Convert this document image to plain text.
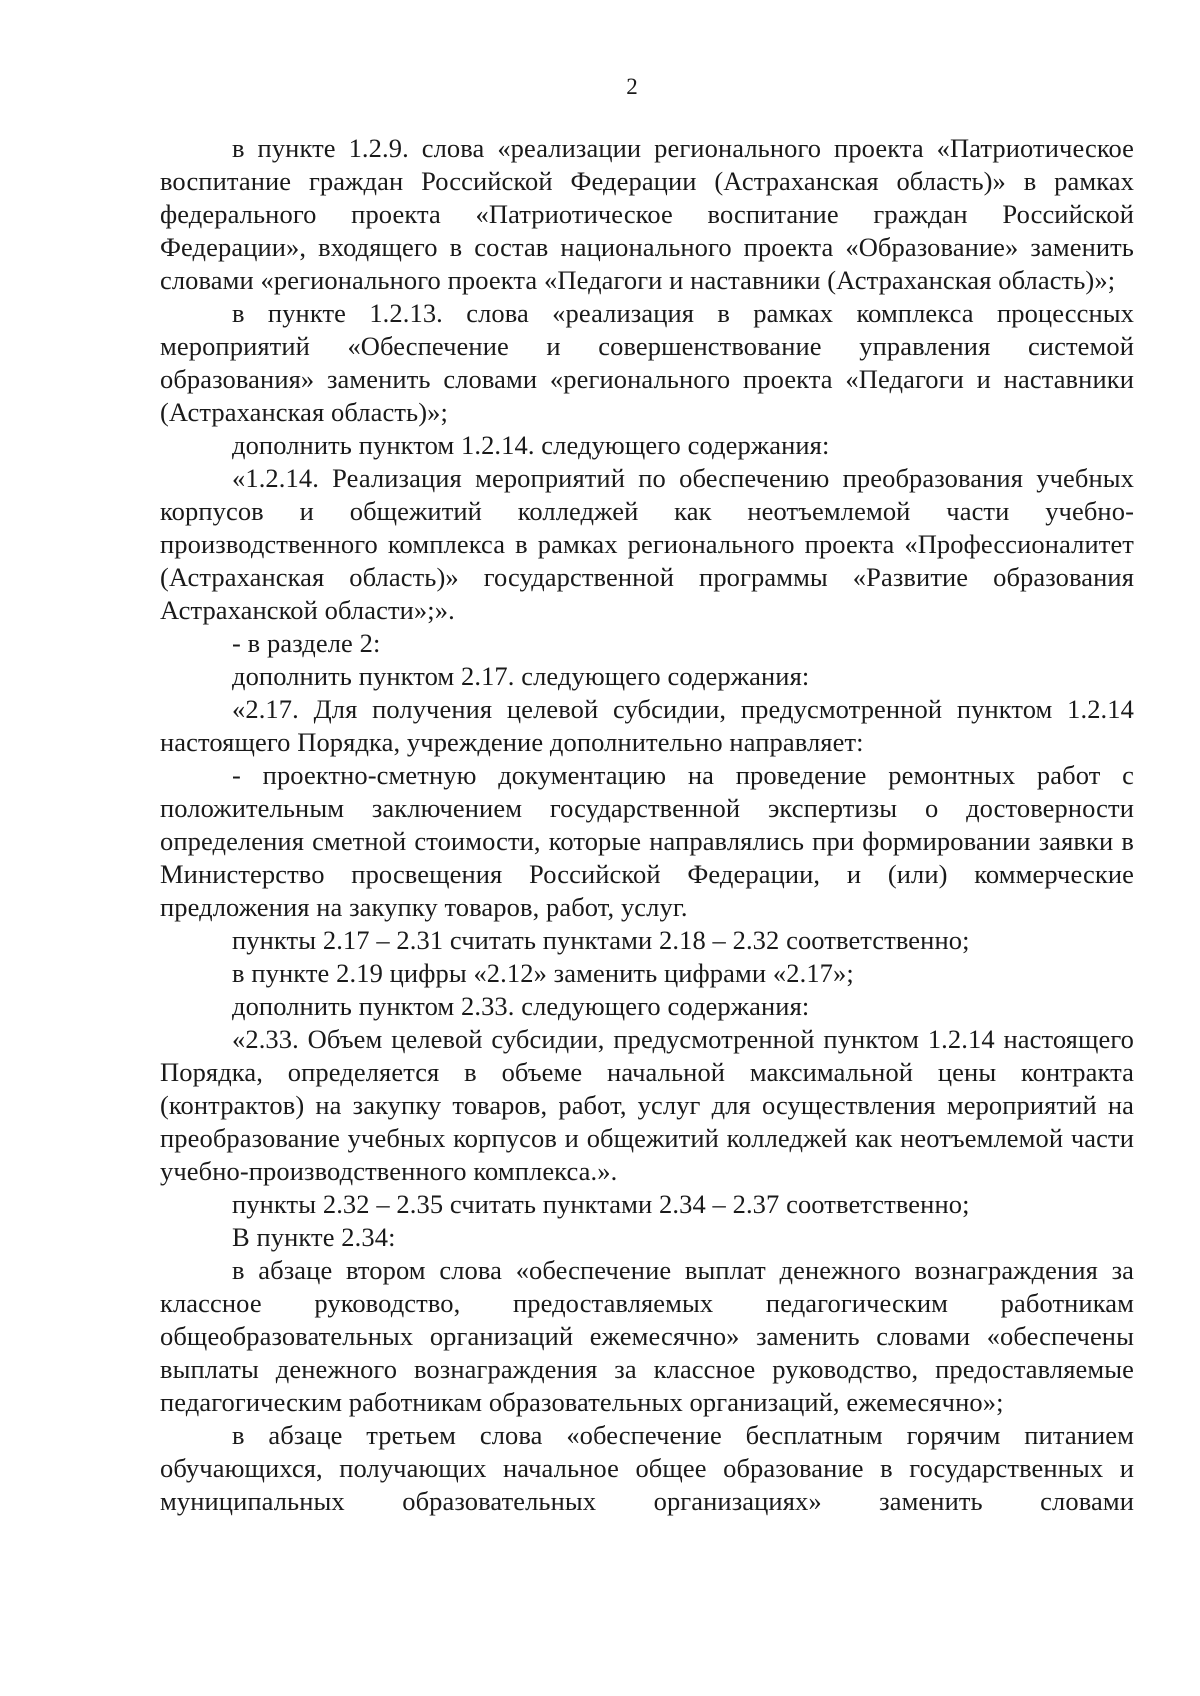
2

в пункте 1.2.9. слова «реализации регионального проекта «Патриотическое воспитание граждан Российской Федерации (Астраханская область)» в рамках федерального проекта «Патриотическое воспитание граждан Российской Федерации», входящего в состав национального проекта «Образование» заменить словами «регионального проекта «Педагоги и наставники (Астраханская область)»;

в пункте 1.2.13. слова «реализация в рамках комплекса процессных мероприятий «Обеспечение и совершенствование управления системой образования» заменить словами «регионального проекта «Педагоги и наставники (Астраханская область)»;

дополнить пунктом 1.2.14. следующего содержания:

«1.2.14. Реализация мероприятий по обеспечению преобразования учебных корпусов и общежитий колледжей как неотъемлемой части учебно-производственного комплекса в рамках регионального проекта «Профессионалитет (Астраханская область)» государственной программы «Развитие образования Астраханской области»;».

- в разделе 2:

дополнить пунктом 2.17. следующего содержания:

«2.17. Для получения целевой субсидии, предусмотренной пунктом 1.2.14 настоящего Порядка, учреждение дополнительно направляет:

- проектно-сметную документацию на проведение ремонтных работ с положительным заключением государственной экспертизы о достоверности определения сметной стоимости, которые направлялись при формировании заявки в Министерство просвещения Российской Федерации, и (или) коммерческие предложения на закупку товаров, работ, услуг.

пункты 2.17 – 2.31 считать пунктами 2.18 – 2.32 соответственно;

в пункте 2.19 цифры «2.12» заменить цифрами «2.17»;

дополнить пунктом 2.33. следующего содержания:

«2.33. Объем целевой субсидии, предусмотренной пунктом 1.2.14 настоящего Порядка, определяется в объеме начальной максимальной цены контракта (контрактов) на закупку товаров, работ, услуг для осуществления мероприятий на преобразование учебных корпусов и общежитий колледжей как неотъемлемой части учебно-производственного комплекса.».

пункты 2.32 – 2.35 считать пунктами 2.34 – 2.37 соответственно;

В пункте 2.34:

в абзаце втором слова «обеспечение выплат денежного вознаграждения за классное руководство, предоставляемых педагогическим работникам общеобразовательных организаций ежемесячно» заменить словами «обеспечены выплаты денежного вознаграждения за классное руководство, предоставляемые педагогическим работникам образовательных организаций, ежемесячно»;

в абзаце третьем слова «обеспечение бесплатным горячим питанием обучающихся, получающих начальное общее образование в государственных и муниципальных образовательных организациях» заменить словами
